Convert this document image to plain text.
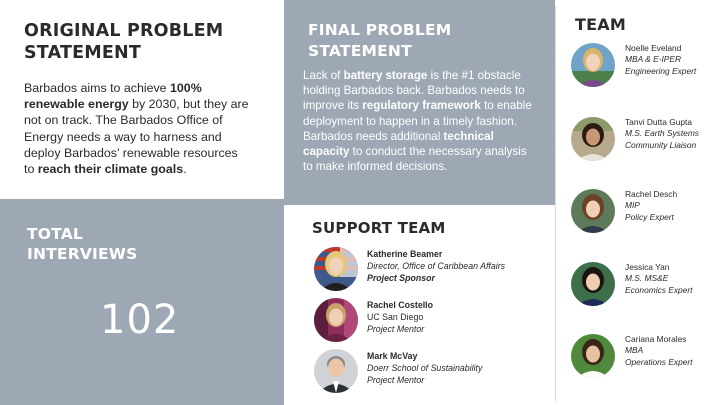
ORIGINAL PROBLEM
STATEMENT

Barbados aims to achieve 100% renewable energy by 2030, but they are not on track. The Barbados Office of Energy needs a way to harness and deploy Barbados’ renewable resources to reach their climate goals.

TOTAL
INTERVIEWS
102
FINAL PROBLEM
STATEMENT

Lack of battery storage is the #1 obstacle holding Barbados back. Barbados needs to improve its regulatory framework to enable deployment to happen in a timely fashion. Barbados needs additional technical capacity to conduct the necessary analysis to make informed decisions.

SUPPORT TEAM
Katherine Beamer
Director, Office of Caribbean Affairs
Project Sponsor
Rachel Costello
UC San Diego
Project Mentor
Mark McVay
Doerr School of Sustainability
Project Mentor
TEAM
Noelle Eveland
MBA & E-IPER
Engineering Expert
Tanvi Dutta Gupta
M.S. Earth Systems
Community Liaison
Rachel Desch
MIP
Policy Expert
Jessica Yan
M.S. MS&E
Economics Expert
Cariana Morales
MBA
Operations Expert
